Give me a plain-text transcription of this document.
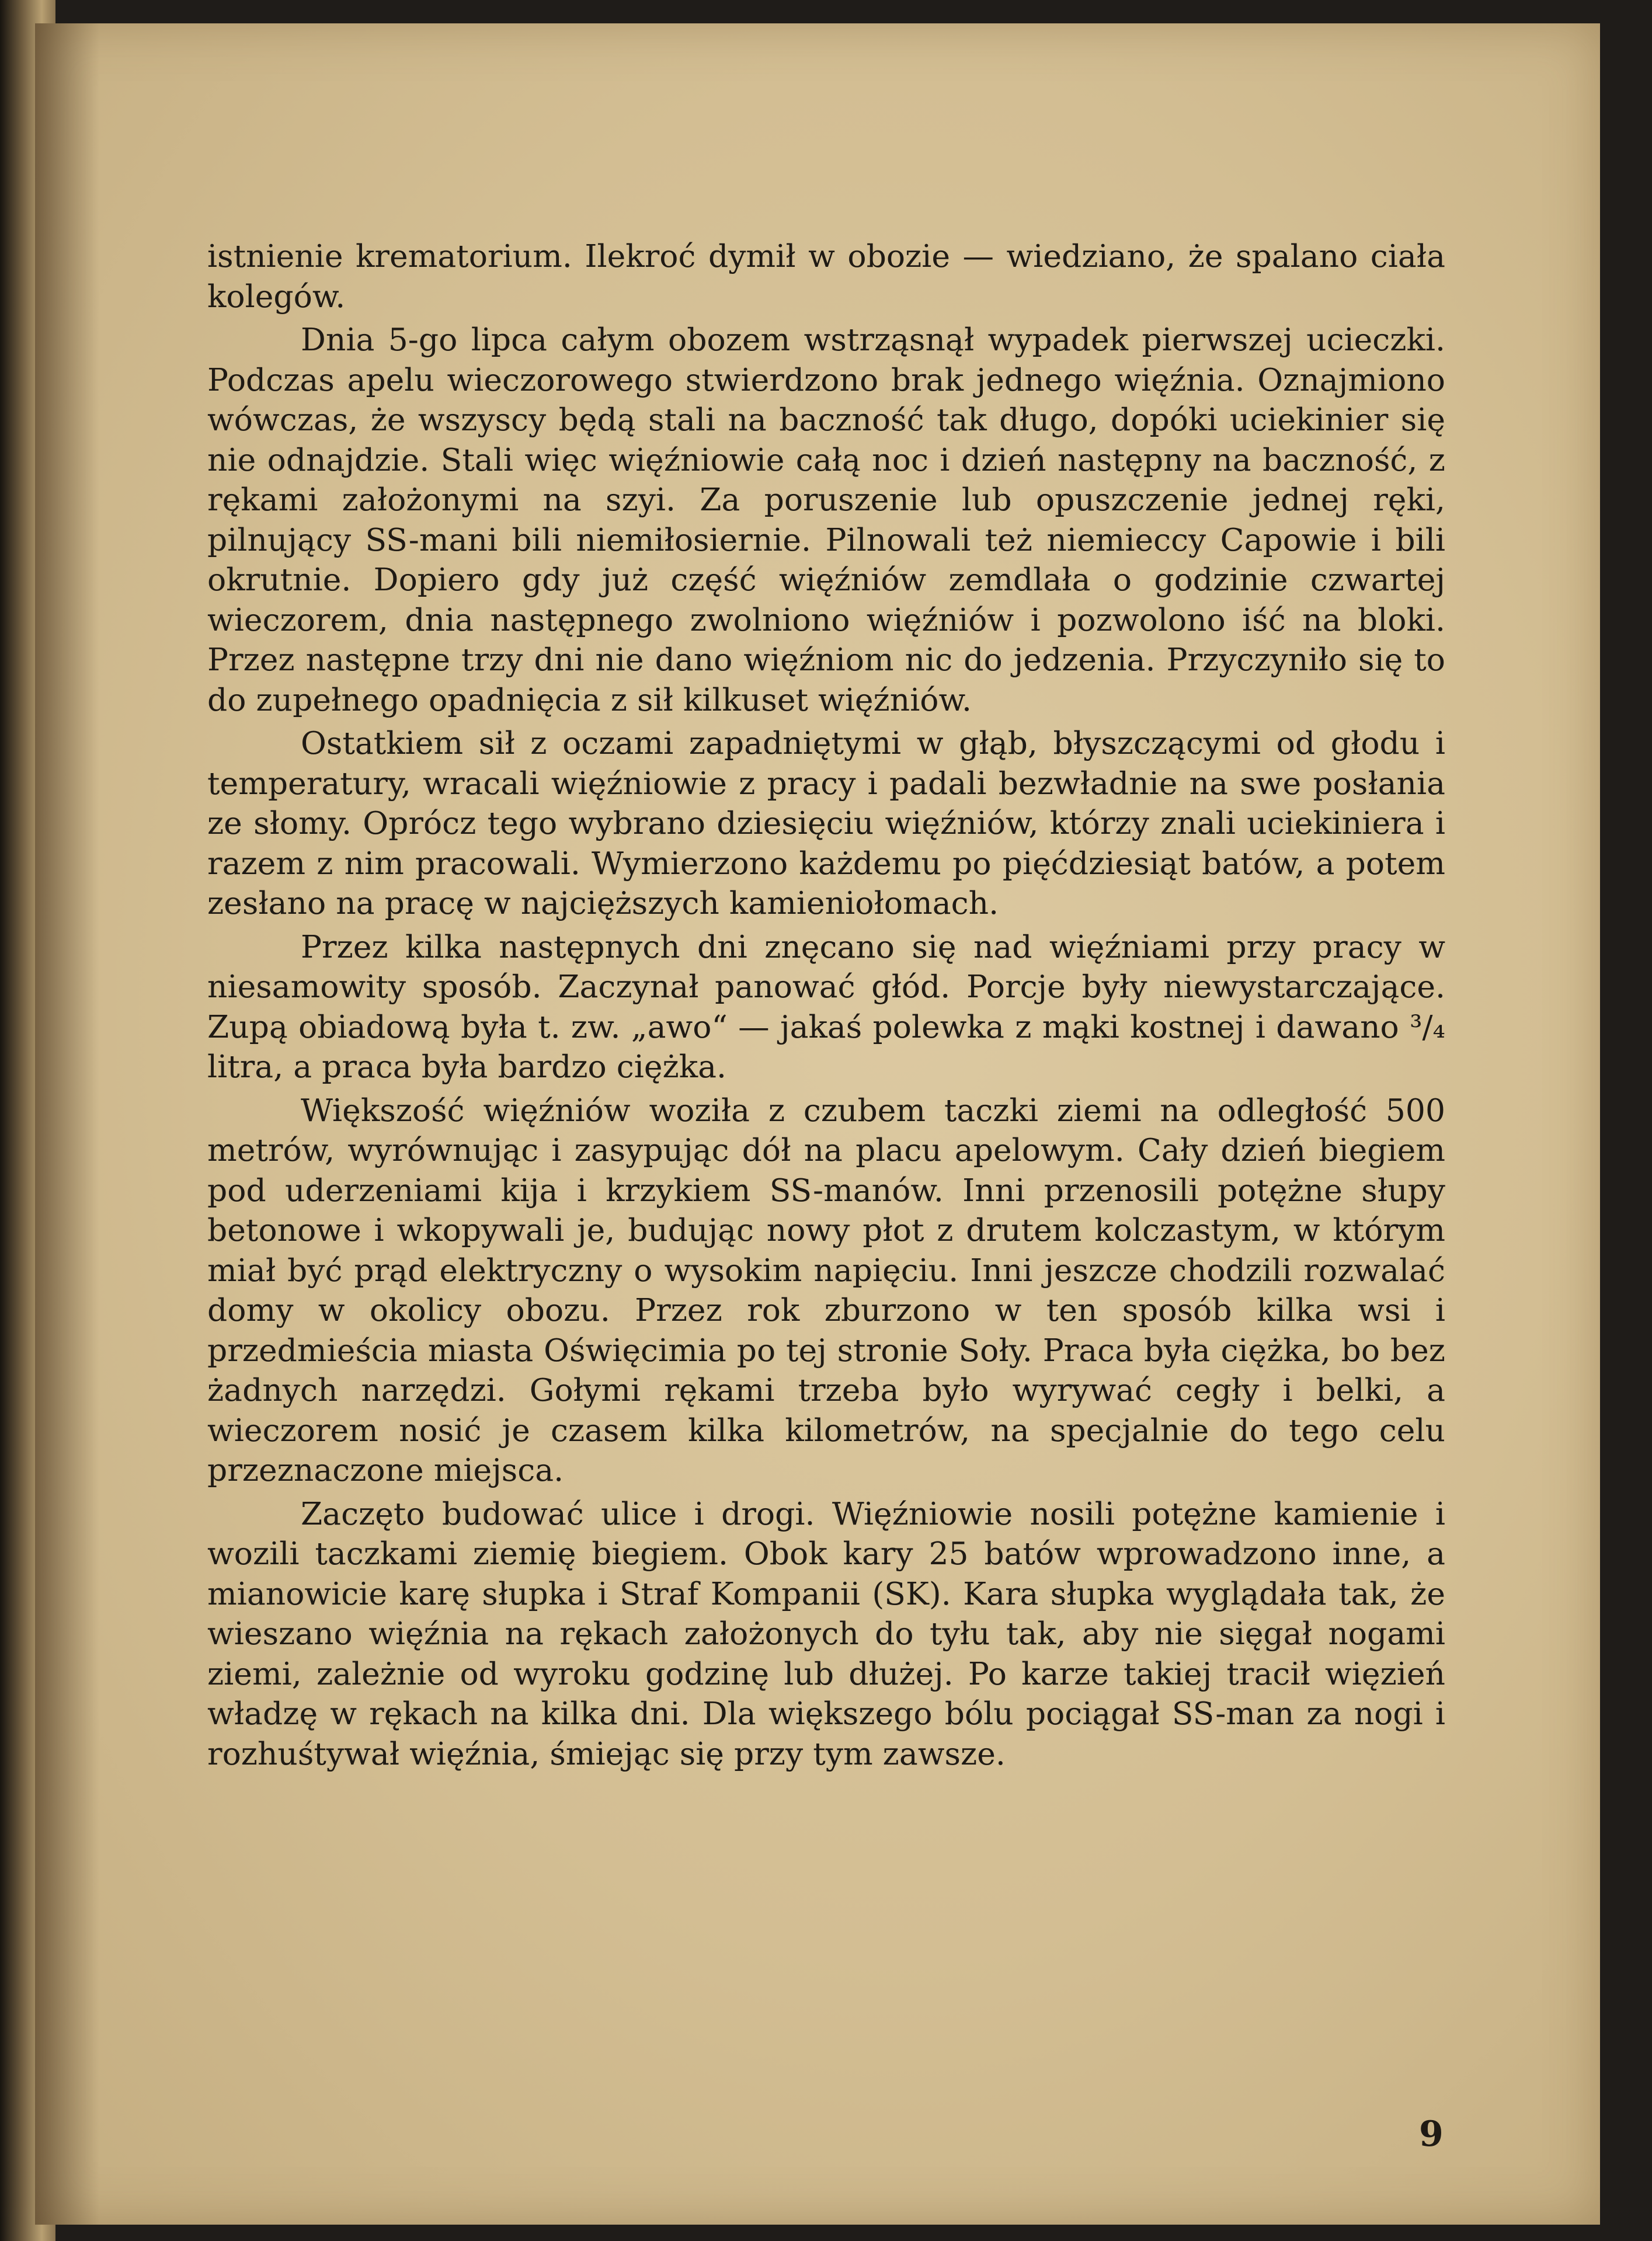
istnienie krematorium. Ilekroć dymił w obozie — wiedziano, że spalano ciała kolegów.

Dnia 5-go lipca całym obozem wstrząsnął wypadek pierwszej ucieczki. Podczas apelu wieczorowego stwierdzono brak jednego więźnia. Oznajmiono wówczas, że wszyscy będą stali na baczność tak długo, dopóki uciekinier się nie odnajdzie. Stali więc więźniowie całą noc i dzień następny na baczność, z rękami założonymi na szyi. Za poruszenie lub opuszczenie jednej ręki, pilnujący SS-mani bili niemiłosiernie. Pilnowali też niemieccy Capowie i bili okrutnie. Dopiero gdy już część więźniów zemdlała o godzinie czwartej wieczorem, dnia następnego zwolniono więźniów i pozwolono iść na bloki. Przez następne trzy dni nie dano więźniom nic do jedzenia. Przyczyniło się to do zupełnego opadnięcia z sił kilkuset więźniów.

Ostatkiem sił z oczami zapadniętymi w głąb, błyszczącymi od głodu i temperatury, wracali więźniowie z pracy i padali bezwładnie na swe posłania ze słomy. Oprócz tego wybrano dziesięciu więźniów, którzy znali uciekiniera i razem z nim pracowali. Wymierzono każdemu po pięćdziesiąt batów, a potem zesłano na pracę w najcięższych kamieniołomach.

Przez kilka następnych dni znęcano się nad więźniami przy pracy w niesamowity sposób. Zaczynał panować głód. Porcje były niewystarczające. Zupą obiadową była t. zw. „awo“ — jakaś polewka z mąki kostnej i dawano ³/₄ litra, a praca była bardzo ciężka.

Większość więźniów woziła z czubem taczki ziemi na odległość 500 metrów, wyrównując i zasypując dół na placu apelowym. Cały dzień biegiem pod uderzeniami kija i krzykiem SS-manów. Inni przenosili potężne słupy betonowe i wkopywali je, budując nowy płot z drutem kolczastym, w którym miał być prąd elektryczny o wysokim napięciu. Inni jeszcze chodzili rozwalać domy w okolicy obozu. Przez rok zburzono w ten sposób kilka wsi i przedmieścia miasta Oświęcimia po tej stronie Soły. Praca była ciężka, bo bez żadnych narzędzi. Gołymi rękami trzeba było wyrywać cegły i belki, a wieczorem nosić je czasem kilka kilometrów, na specjalnie do tego celu przeznaczone miejsca.

Zaczęto budować ulice i drogi. Więźniowie nosili potężne kamienie i wozili taczkami ziemię biegiem. Obok kary 25 batów wprowadzono inne, a mianowicie karę słupka i Straf Kompanii (SK). Kara słupka wyglądała tak, że wieszano więźnia na rękach założonych do tyłu tak, aby nie sięgał nogami ziemi, zależnie od wyroku godzinę lub dłużej. Po karze takiej tracił więzień władzę w rękach na kilka dni. Dla większego bólu pociągał SS-man za nogi i rozhuśtywał więźnia, śmiejąc się przy tym zawsze.

9
